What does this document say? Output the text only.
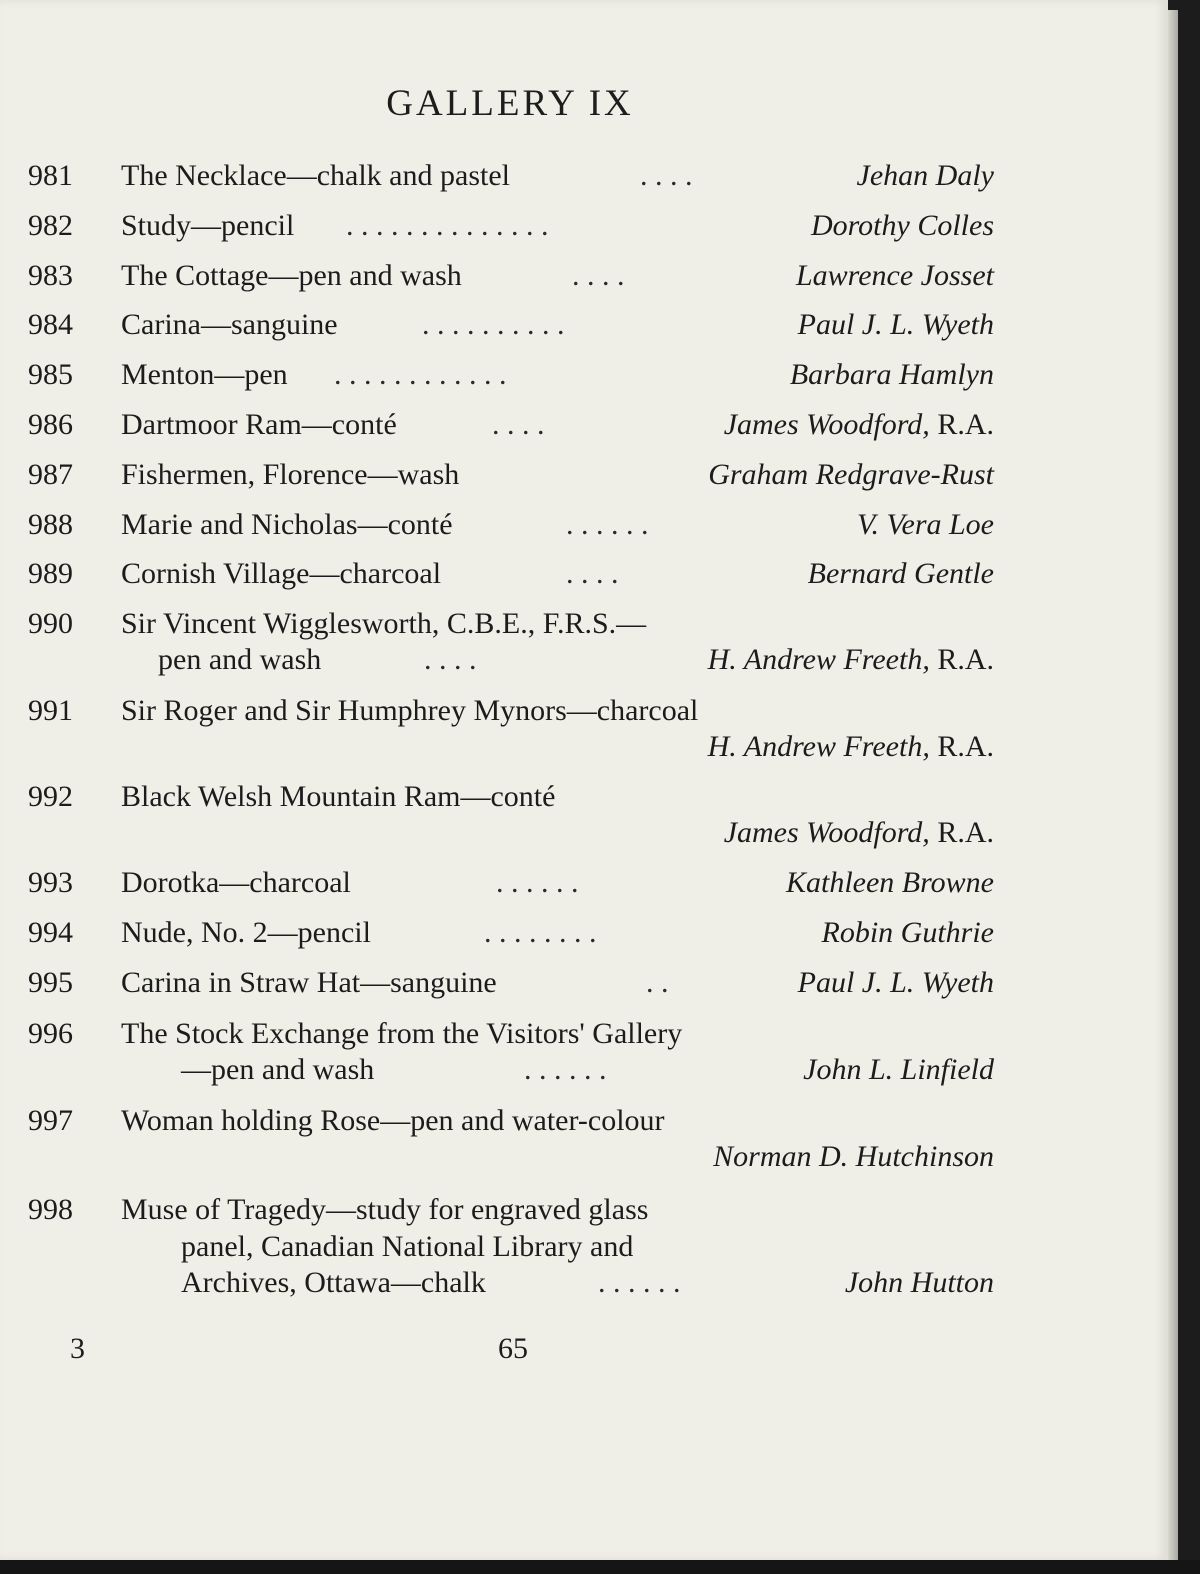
GALLERY IX
981 The Necklace—chalk and pastel	. . . .	Jehan Daly
982 Study—pencil . . . . . . . . . . . . . .	Dorothy Colles
983 The Cottage—pen and wash	. . . .	Lawrence Josset
984 Carina—sanguine	. . . . . . . . . .	Paul J. L. Wyeth
985 Menton—pen . . . . . . . . . . . .	Barbara Hamlyn
986 Dartmoor Ram—conté	. . . .	James Woodford, R.A.
987 Fishermen, Florence—wash	Graham Redgrave-Rust
988 Marie and Nicholas—conté	. . . . . .	V. Vera Loe
989 Cornish Village—charcoal	. . . .	Bernard Gentle
990 Sir Vincent Wigglesworth, C.B.E., F.R.S.—
pen and wash	. . . .	H. Andrew Freeth, R.A.
991 Sir Roger and Sir Humphrey Mynors—charcoal
H. Andrew Freeth, R.A.
992 Black Welsh Mountain Ram—conté
James Woodford, R.A.
993 Dorotka—charcoal	. . . . . .	Kathleen Browne
994 Nude, No. 2—pencil	. . . . . . . .	Robin Guthrie
995 Carina in Straw Hat—sanguine	. .	Paul J. L. Wyeth
996 The Stock Exchange from the Visitors' Gallery
—pen and wash	. . . . . .	John L. Linfield
997 Woman holding Rose—pen and water-colour
Norman D. Hutchinson
998 Muse of Tragedy—study for engraved glass
panel, Canadian National Library and
Archives, Ottawa—chalk	. . . . . .	John Hutton
3	65
